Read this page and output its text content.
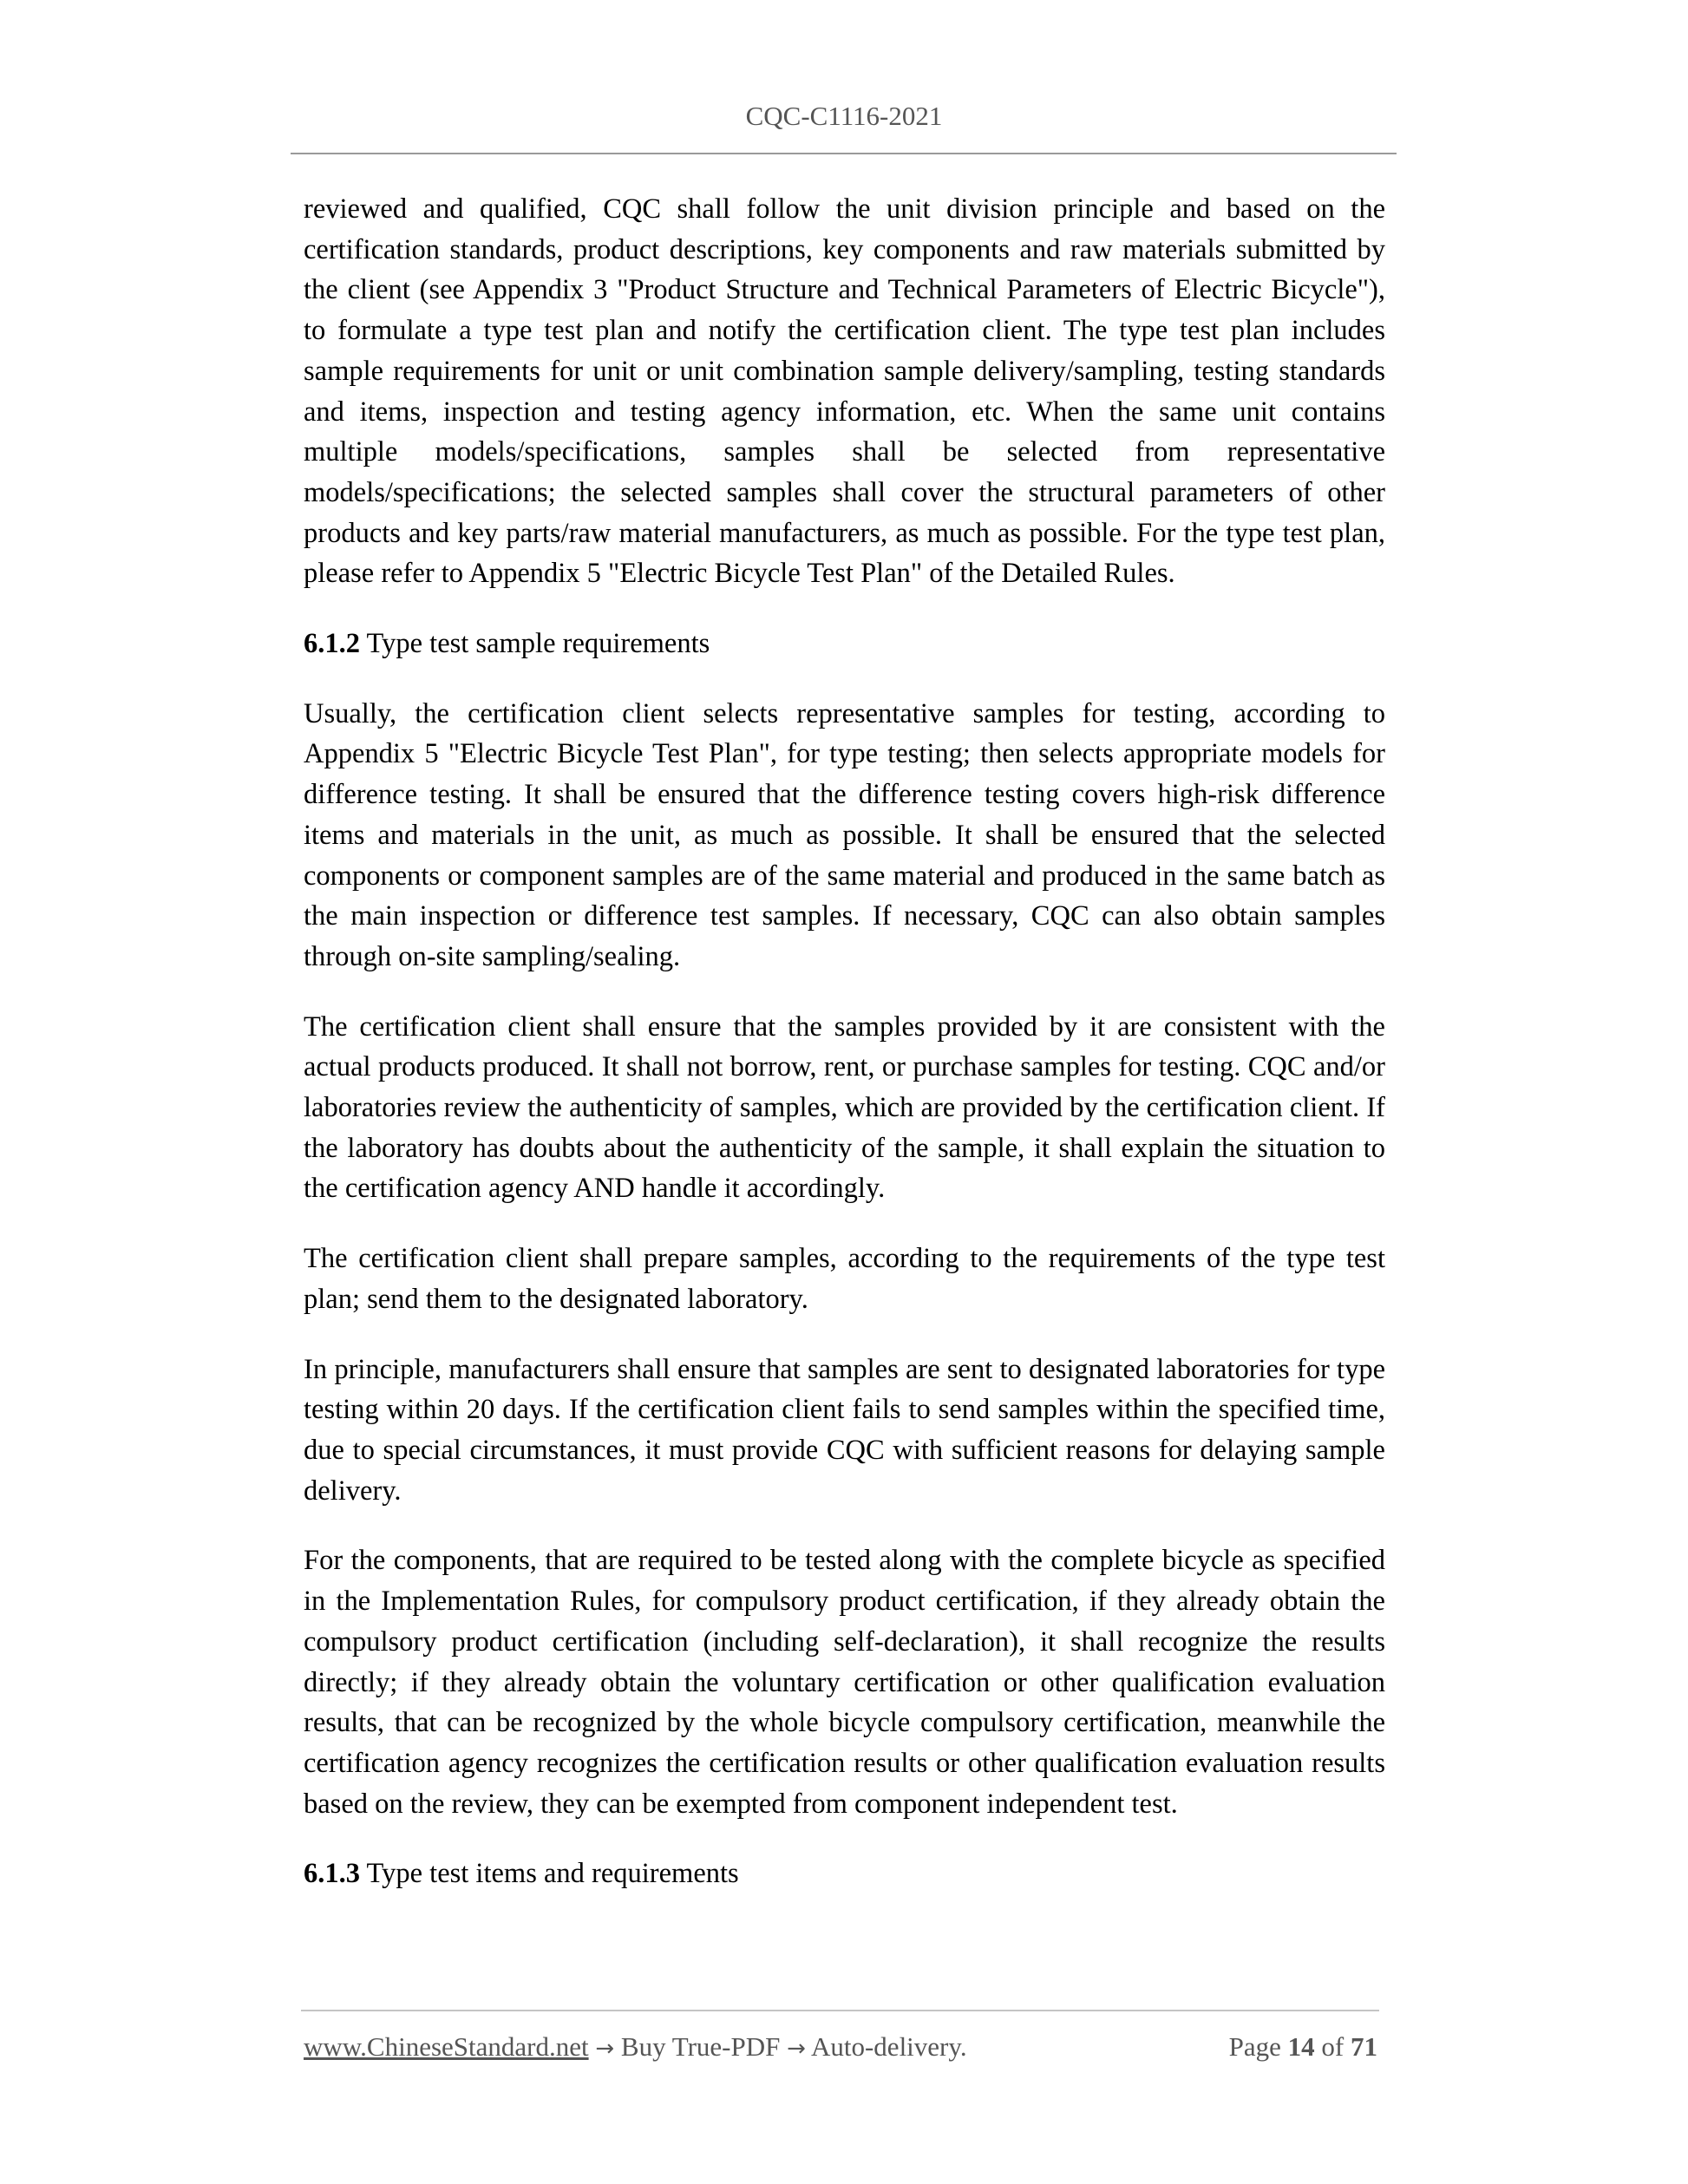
CQC-C1116-2021

reviewed and qualified, CQC shall follow the unit division principle and based on the certification standards, product descriptions, key components and raw materials submitted by the client (see Appendix 3 "Product Structure and Technical Parameters of Electric Bicycle"), to formulate a type test plan and notify the certification client. The type test plan includes sample requirements for unit or unit combination sample delivery/sampling, testing standards and items, inspection and testing agency information, etc. When the same unit contains multiple models/specifications, samples shall be selected from representative models/specifications; the selected samples shall cover the structural parameters of other products and key parts/raw material manufacturers, as much as possible. For the type test plan, please refer to Appendix 5 "Electric Bicycle Test Plan" of the Detailed Rules.

6.1.2 Type test sample requirements

Usually, the certification client selects representative samples for testing, according to Appendix 5 "Electric Bicycle Test Plan", for type testing; then selects appropriate models for difference testing. It shall be ensured that the difference testing covers high-risk difference items and materials in the unit, as much as possible. It shall be ensured that the selected components or component samples are of the same material and produced in the same batch as the main inspection or difference test samples. If necessary, CQC can also obtain samples through on-site sampling/sealing.

The certification client shall ensure that the samples provided by it are consistent with the actual products produced. It shall not borrow, rent, or purchase samples for testing. CQC and/or laboratories review the authenticity of samples, which are provided by the certification client. If the laboratory has doubts about the authenticity of the sample, it shall explain the situation to the certification agency AND handle it accordingly.

The certification client shall prepare samples, according to the requirements of the type test plan; send them to the designated laboratory.

In principle, manufacturers shall ensure that samples are sent to designated laboratories for type testing within 20 days. If the certification client fails to send samples within the specified time, due to special circumstances, it must provide CQC with sufficient reasons for delaying sample delivery.

For the components, that are required to be tested along with the complete bicycle as specified in the Implementation Rules, for compulsory product certification, if they already obtain the compulsory product certification (including self-declaration), it shall recognize the results directly; if they already obtain the voluntary certification or other qualification evaluation results, that can be recognized by the whole bicycle compulsory certification, meanwhile the certification agency recognizes the certification results or other qualification evaluation results based on the review, they can be exempted from component independent test.

6.1.3 Type test items and requirements

www.ChineseStandard.net → Buy True-PDF → Auto-delivery.	Page 14 of 71
